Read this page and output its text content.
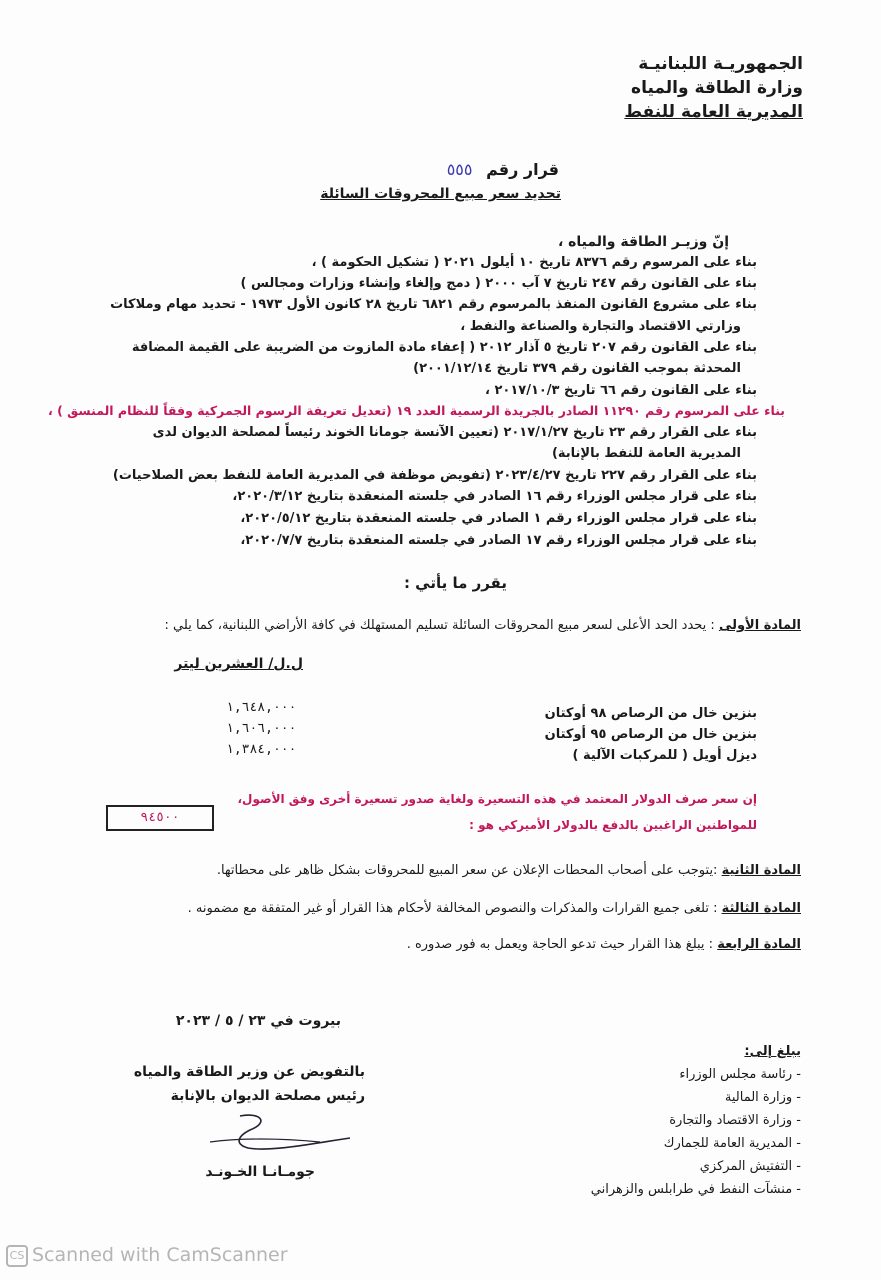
الجمهوريـة اللبنانيـة
وزارة الطاقة والمياه
المديرية العامة للنفط
قرار رقم ٥٥٥
تحديد سعر مبيع المحروقات السائلة
إنّ وزيـر الطاقة والمياه ،
بناء على المرسوم رقم ٨٣٧٦ تاريخ ١٠ أيلول ٢٠٢١ ( تشكيل الحكومة ) ،
بناء على القانون رقم ٢٤٧ تاريخ ٧ آب ٢٠٠٠ ( دمج وإلغاء وإنشاء وزارات ومجالس )
بناء على مشروع القانون المنفذ بالمرسوم رقم ٦٨٢١ تاريخ ٢٨ كانون الأول ١٩٧٣ - تحديد مهام وملاكات
وزارتي الاقتصاد والتجارة والصناعة والنفط ،
بناء على القانون رقم ٢٠٧ تاريخ ٥ آذار ٢٠١٢ ( إعفاء مادة المازوت من الضريبة على القيمة المضافة
المحدثة بموجب القانون رقم ٣٧٩ تاريخ ٢٠٠١/١٢/١٤)
بناء على القانون رقم ٦٦ تاريخ ٢٠١٧/١٠/٣ ،
بناء على المرسوم رقم ١١٢٩٠ الصادر بالجريدة الرسمية العدد ١٩ (تعديل تعريفة الرسوم الجمركية وفقاً للنظام المنسق ) ،
بناء على القرار رقم ٢٣ تاريخ ٢٠١٧/١/٢٧ (تعيين الآنسة جومانا الخوند رئيساً لمصلحة الديوان لدى
المديرية العامة للنفط بالإنابة)
بناء على القرار رقم ٢٢٧ تاريخ ٢٠٢٣/٤/٢٧ (تفويض موظفة في المديرية العامة للنفط بعض الصلاحيات)
بناء على قرار مجلس الوزراء رقم ١٦ الصادر في جلسته المنعقدة بتاريخ ٢٠٢٠/٣/١٢،
بناء على قرار مجلس الوزراء رقم ١ الصادر في جلسته المنعقدة بتاريخ ٢٠٢٠/٥/١٢،
بناء على قرار مجلس الوزراء رقم ١٧ الصادر في جلسته المنعقدة بتاريخ ٢٠٢٠/٧/٧،
يقرر ما يأتي :
المادة الأولى : يحدد الحد الأعلى لسعر مبيع المحروقات السائلة تسليم المستهلك في كافة الأراضي اللبنانية، كما يلي :
ل.ل/ العشرين ليتر
بنزين خال من الرصاص ٩٨ أوكتان
بنزين خال من الرصاص ٩٥ أوكتان
ديزل أويل ( للمركبات الآلية )
١,٦٤٨,٠٠٠
١,٦٠٦,٠٠٠
١,٣٨٤,٠٠٠
إن سعر صرف الدولار المعتمد في هذه التسعيرة ولغاية صدور تسعيرة أخرى وفق الأصول،
للمواطنين الراغبين بالدفع بالدولار الأميركي هو :
٩٤٥٠٠
المادة الثانية :يتوجب على أصحاب المحطات الإعلان عن سعر المبيع للمحروقات بشكل ظاهر على محطاتها.
المادة الثالثة : تلغى جميع القرارات والمذكرات والنصوص المخالفة لأحكام هذا القرار أو غير المتفقة مع مضمونه .
المادة الرابعة : يبلغ هذا القرار حيث تدعو الحاجة ويعمل به فور صدوره .
بيروت في ٢٣ / ٥ / ٢٠٢٣
بالتفويض عن وزير الطاقة والمياه
رئيس مصلحة الديوان بالإنابة
جومـانـا الخـونـد
يبلغ إلى:
- رئاسة مجلس الوزراء
- وزارة المالية
- وزارة الاقتصاد والتجارة
- المديرية العامة للجمارك
- التفتيش المركزي
- منشآت النفط في طرابلس والزهراني
CS Scanned with CamScanner
